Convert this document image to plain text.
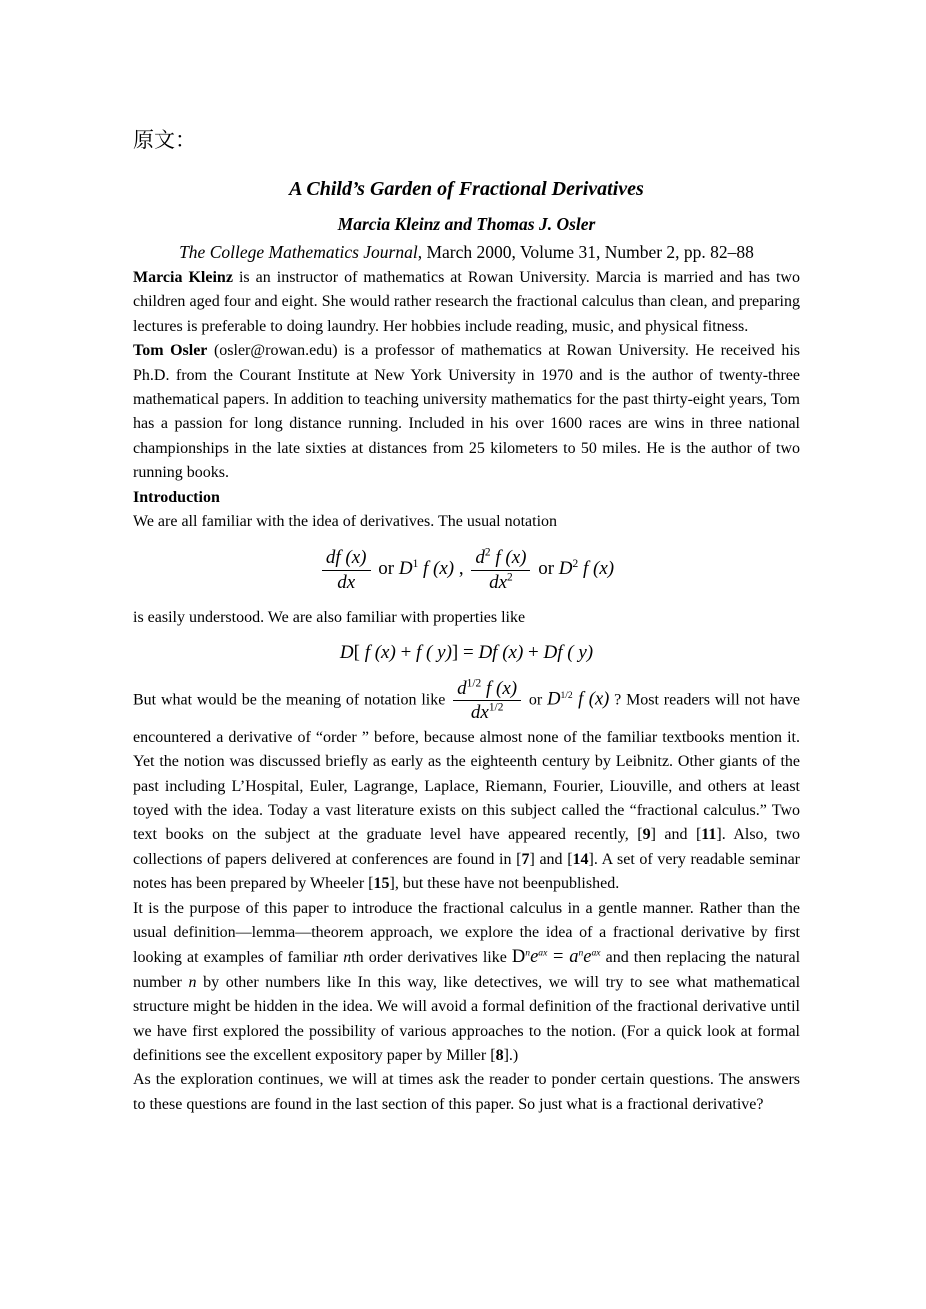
原文：

A Child’s Garden of Fractional Derivatives
Marcia Kleinz and Thomas J. Osler

The College Mathematics Journal, March 2000, Volume 31, Number 2, pp. 82–88

Marcia Kleinz is an instructor of mathematics at Rowan University. Marcia is married and has two children aged four and eight. She would rather research the fractional calculus than clean, and preparing lectures is preferable to doing laundry. Her hobbies include reading, music, and physical fitness.

Tom Osler (osler@rowan.edu) is a professor of mathematics at Rowan University. He received his Ph.D. from the Courant Institute at New York University in 1970 and is the author of twenty-three mathematical papers. In addition to teaching university mathematics for the past thirty-eight years, Tom has a passion for long distance running. Included in his over 1600 races are wins in three national championships in the late sixties at distances from 25 kilometers to 50 miles. He is the author of two running books.

Introduction

We are all familiar with the idea of derivatives. The usual notation

$\frac{df (x)}{dx}$ or $D^1$ f (x) , $\frac{d^2 f (x)}{dx^2}$ or $D^2$ f (x)

is easily understood. We are also familiar with properties like

D[ f (x) + f ( y)] = Df (x) + Df ( y)

But what would be the meaning of notation like $\frac{d^{1/2} f (x)}{dx^{1/2}}$ or $D^{1/2}$ f (x) ? Most readers will not have encountered a derivative of “order ” before, because almost none of the familiar textbooks mention it. Yet the notion was discussed briefly as early as the eighteenth century by Leibnitz. Other giants of the past including L’Hospital, Euler, Lagrange, Laplace, Riemann, Fourier, Liouville, and others at least toyed with the idea. Today a vast literature exists on this subject called the “fractional calculus.” Two text books on the subject at the graduate level have appeared recently, [9] and [11]. Also, two collections of papers delivered at conferences are found in [7] and [14]. A set of very readable seminar notes has been prepared by Wheeler [15], but these have not beenpublished.

It is the purpose of this paper to introduce the fractional calculus in a gentle manner. Rather than the usual definition—lemma—theorem approach, we explore the idea of a fractional derivative by first looking at examples of familiar nth order derivatives like $D^ne^{ax} = a^ne^{ax}$ and then replacing the natural number n by other numbers like In this way, like detectives, we will try to see what mathematical structure might be hidden in the idea. We will avoid a formal definition of the fractional derivative until we have first explored the possibility of various approaches to the notion. (For a quick look at formal definitions see the excellent expository paper by Miller [8].)

As the exploration continues, we will at times ask the reader to ponder certain questions. The answers to these questions are found in the last section of this paper. So just what is a fractional derivative?
